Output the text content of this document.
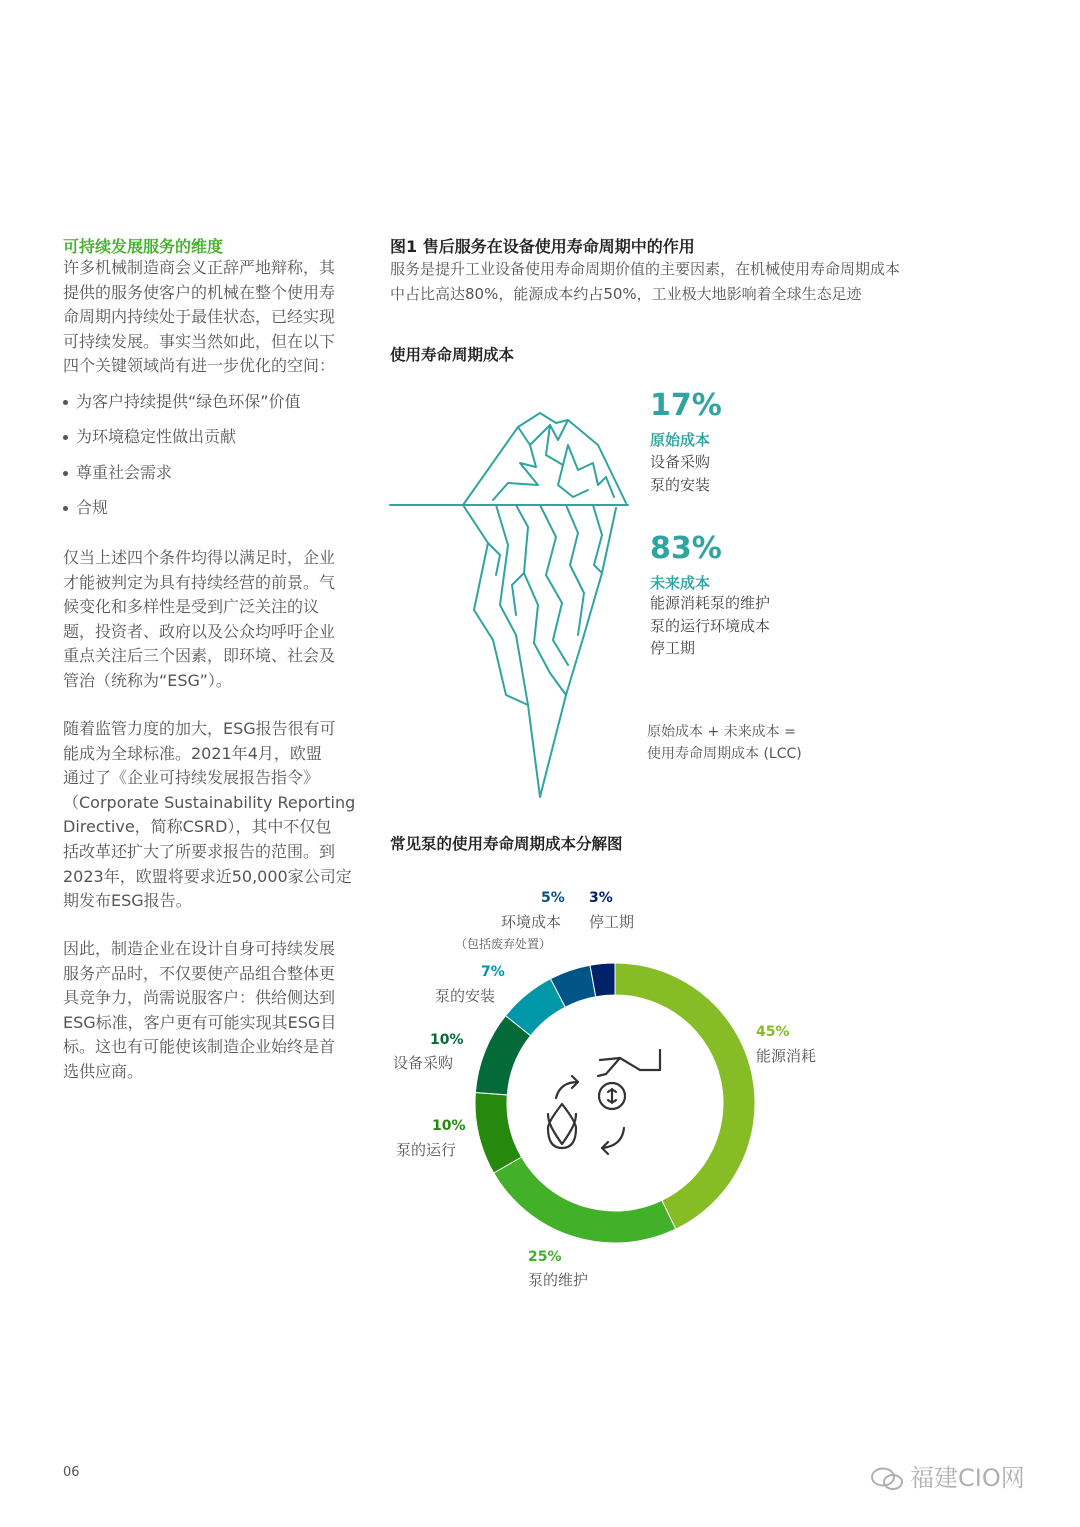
可持续发展服务的维度
许多机械制造商会义正辞严地辩称，其
提供的服务使客户的机械在整个使用寿
命周期内持续处于最佳状态，已经实现
可持续发展。事实当然如此，但在以下
四个关键领域尚有进一步优化的空间：
为客户持续提供“绿色环保”价值
为环境稳定性做出贡献
尊重社会需求
合规
仅当上述四个条件均得以满足时，企业
才能被判定为具有持续经营的前景。气
候变化和多样性是受到广泛关注的议
题，投资者、政府以及公众均呼吁企业
重点关注后三个因素，即环境、社会及
管治（统称为“ESG”）。
随着监管力度的加大，ESG报告很有可
能成为全球标准。2021年4月，欧盟
通过了《企业可持续发展报告指令》
（Corporate Sustainability Reporting
Directive，简称CSRD），其中不仅包
括改革还扩大了所要求报告的范围。到
2023年，欧盟将要求近50,000家公司定
期发布ESG报告。
因此，制造企业在设计自身可持续发展
服务产品时，不仅要使产品组合整体更
具竞争力，尚需说服客户：供给侧达到
ESG标准，客户更有可能实现其ESG目
标。这也有可能使该制造企业始终是首
选供应商。
图1 售后服务在设备使用寿命周期中的作用
服务是提升工业设备使用寿命周期价值的主要因素，在机械使用寿命周期成本
中占比高达80%，能源成本约占50%，工业极大地影响着全球生态足迹
使用寿命周期成本
17%
原始成本
设备采购
泵的安装
83%
未来成本
能源消耗泵的维护
泵的运行环境成本
停工期
原始成本 + 未来成本 =
使用寿命周期成本 (LCC)
常见泵的使用寿命周期成本分解图
45%
能源消耗
25%
泵的维护
10%
泵的运行
10%
设备采购
7%
泵的安装
5%
环境成本
（包括废弃处置）
3%
停工期
06	福建CIO网
